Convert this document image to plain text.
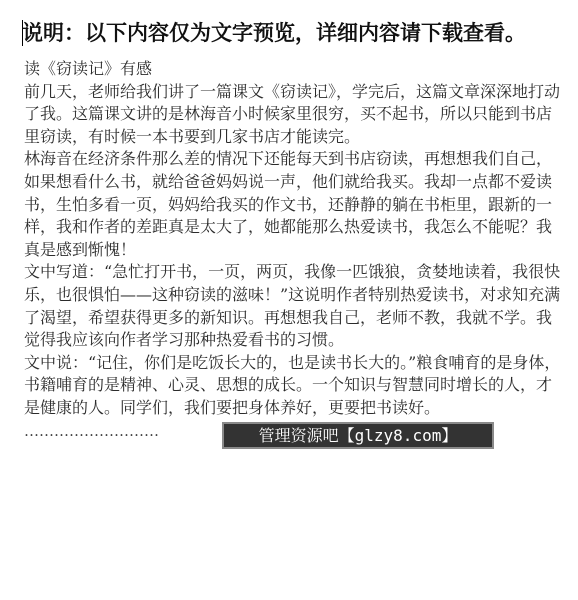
说明：以下内容仅为文字预览，详细内容请下载查看。

读《窃读记》有感

前几天，老师给我们讲了一篇课文《窃读记》，学完后，这篇文章深深地打动了我。这篇课文讲的是林海音小时候家里很穷，买不起书，所以只能到书店里窃读，有时候一本书要到几家书店才能读完。

林海音在经济条件那么差的情况下还能每天到书店窃读，再想想我们自己，如果想看什么书，就给爸爸妈妈说一声，他们就给我买。我却一点都不爱读书，生怕多看一页，妈妈给我买的作文书，还静静的躺在书柜里，跟新的一样，我和作者的差距真是太大了，她都能那么热爱读书，我怎么不能呢？我真是感到惭愧！

文中写道：“急忙打开书，一页，两页，我像一匹饿狼，贪婪地读着，我很快乐，也很惧怕——这种窃读的滋味！”这说明作者特别热爱读书，对求知充满了渴望，希望获得更多的新知识。再想想我自己，老师不教，我就不学。我觉得我应该向作者学习那种热爱看书的习惯。

文中说：“记住，你们是吃饭长大的，也是读书长大的。”粮食哺育的是身体，书籍哺育的是精神、心灵、思想的成长。一个知识与智慧同时增长的人，才是健康的人。同学们，我们要把身体养好，更要把书读好。

………………………	管理资源吧【glzy8.com】
